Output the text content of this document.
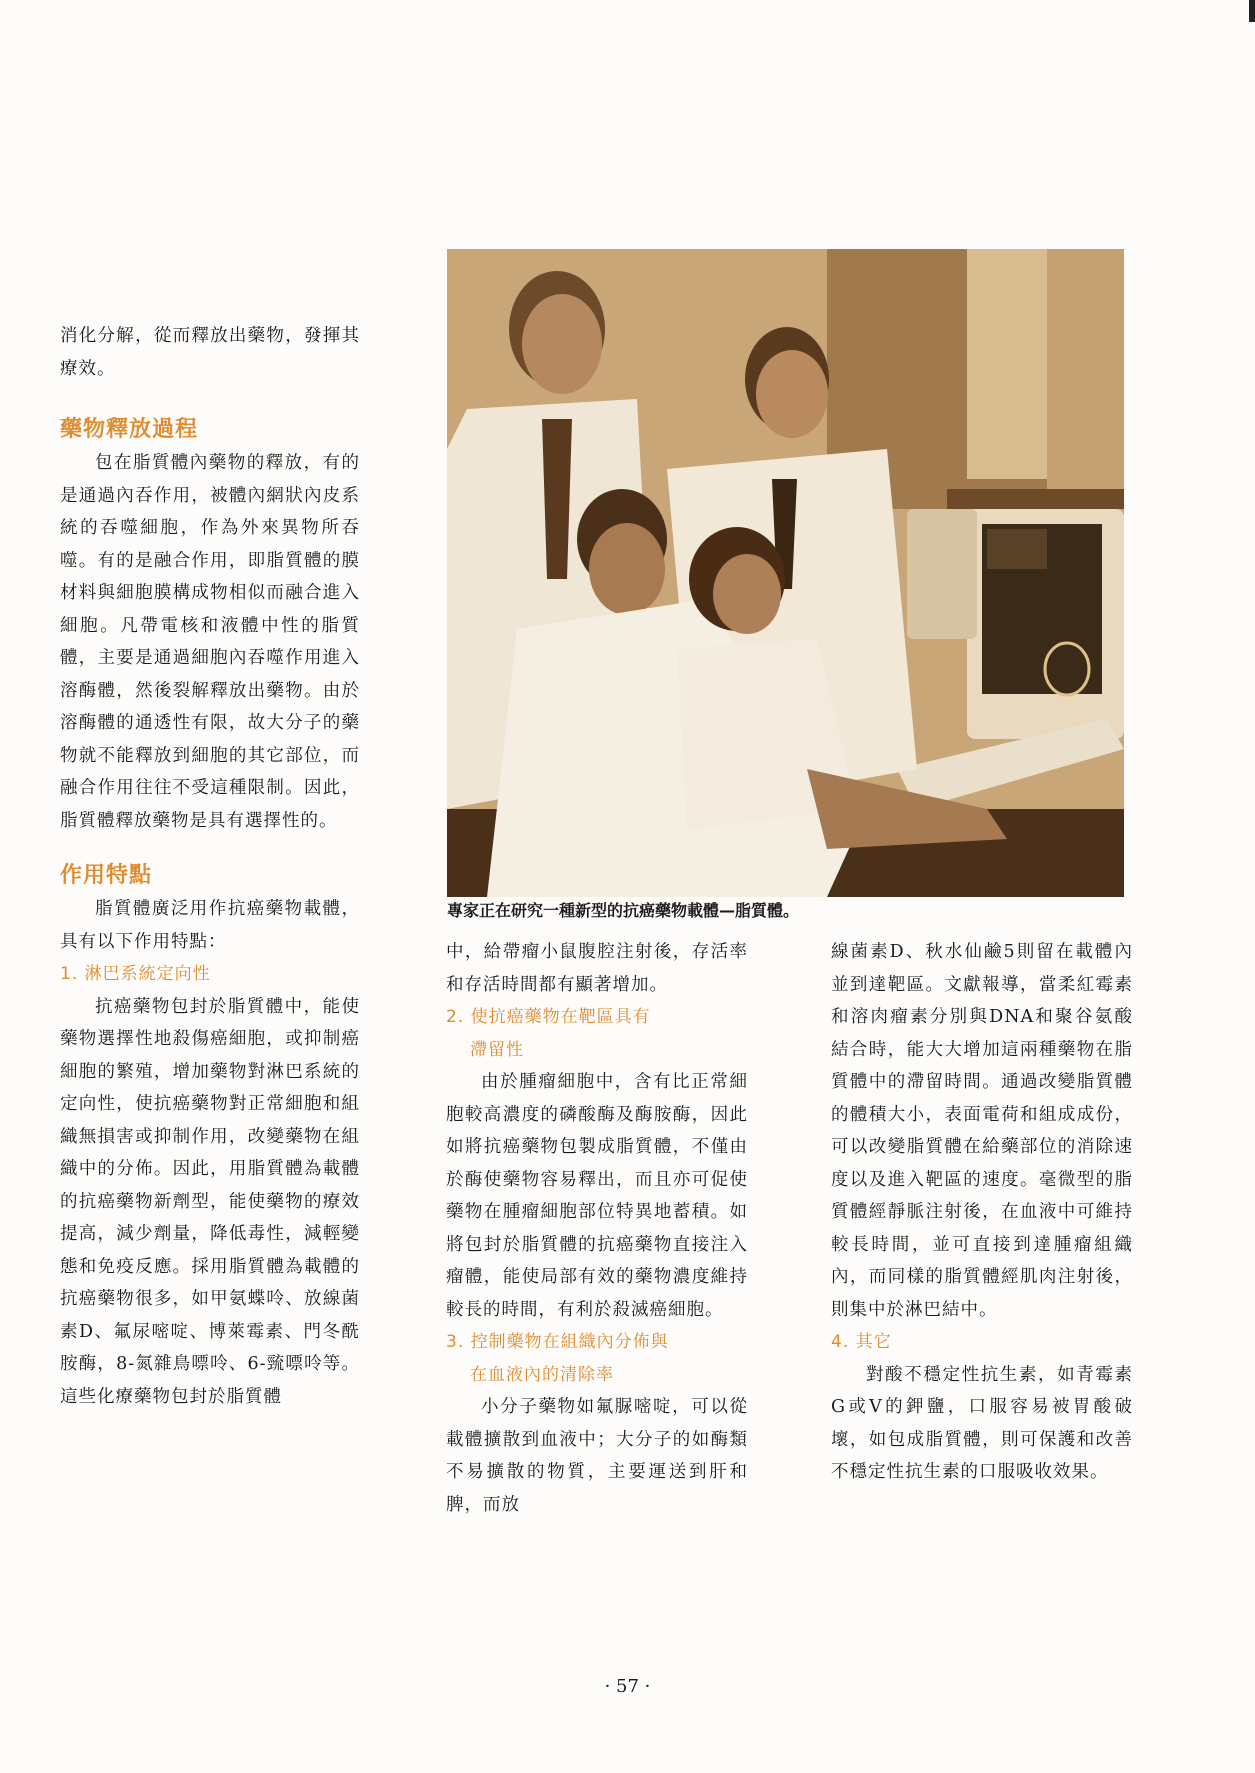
消化分解，從而釋放出藥物，發揮其療效。

藥物釋放過程

包在脂質體內藥物的釋放，有的是通過內吞作用，被體內網狀內皮系統的吞噬細胞，作為外來異物所吞噬。有的是融合作用，即脂質體的膜材料與細胞膜構成物相似而融合進入細胞。凡帶電核和液體中性的脂質體，主要是通過細胞內吞噬作用進入溶酶體，然後裂解釋放出藥物。由於溶酶體的通透性有限，故大分子的藥物就不能釋放到細胞的其它部位，而融合作用往往不受這種限制。因此，脂質體釋放藥物是具有選擇性的。

作用特點

脂質體廣泛用作抗癌藥物載體，具有以下作用特點：

1. 淋巴系統定向性

抗癌藥物包封於脂質體中，能使藥物選擇性地殺傷癌細胞，或抑制癌細胞的繁殖，增加藥物對淋巴系統的定向性，使抗癌藥物對正常細胞和組織無損害或抑制作用，改變藥物在組織中的分佈。因此，用脂質體為載體的抗癌藥物新劑型，能使藥物的療效提高，減少劑量，降低毒性，減輕變態和免疫反應。採用脂質體為載體的抗癌藥物很多，如甲氨蝶呤、放線菌素D、氟尿嘧啶、博萊霉素、門冬酰胺酶，8-氮雜鳥嘌呤、6-巰嘌呤等。這些化療藥物包封於脂質體

專家正在研究一種新型的抗癌藥物載體—脂質體。

中，給帶瘤小鼠腹腔注射後，存活率和存活時間都有顯著增加。

2. 使抗癌藥物在靶區具有

滯留性

由於腫瘤細胞中，含有比正常細胞較高濃度的磷酸酶及酶胺酶，因此如將抗癌藥物包製成脂質體，不僅由於酶使藥物容易釋出，而且亦可促使藥物在腫瘤細胞部位特異地蓄積。如將包封於脂質體的抗癌藥物直接注入瘤體，能使局部有效的藥物濃度維持較長的時間，有利於殺滅癌細胞。

3. 控制藥物在組織內分佈與

在血液內的清除率

小分子藥物如氟脲嘧啶，可以從載體擴散到血液中；大分子的如酶類不易擴散的物質，主要運送到肝和脾，而放

線菌素D、秋水仙鹼5則留在載體內並到達靶區。文獻報導，當柔紅霉素和溶肉瘤素分別與DNA和聚谷氨酸結合時，能大大增加這兩種藥物在脂質體中的滯留時間。通過改變脂質體的體積大小，表面電荷和組成成份，可以改變脂質體在給藥部位的消除速度以及進入靶區的速度。毫微型的脂質體經靜脈注射後，在血液中可維持較長時間，並可直接到達腫瘤組織內，而同樣的脂質體經肌肉注射後，則集中於淋巴結中。

4. 其它

對酸不穩定性抗生素，如青霉素G或V的鉀鹽，口服容易被胃酸破壞，如包成脂質體，則可保護和改善不穩定性抗生素的口服吸收效果。

· 57 ·
